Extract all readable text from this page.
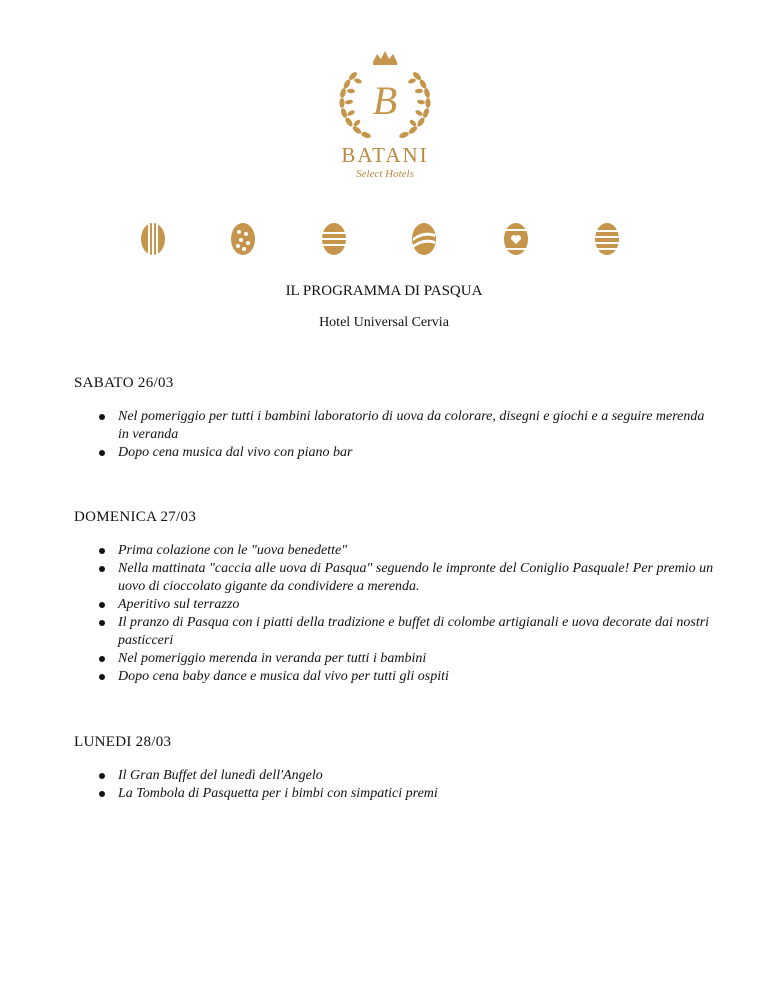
B
BATANI
Select Hotels
IL PROGRAMMA DI PASQUA
Hotel Universal Cervia

SABATO 26/03

Nel pomeriggio per tutti i bambini laboratorio di uova da colorare, disegni e giochi e a seguire merenda in veranda
Dopo cena musica dal vivo con piano bar

DOMENICA 27/03

Prima colazione con le "uova benedette"
Nella mattinata "caccia alle uova di Pasqua" seguendo le impronte del Coniglio Pasquale! Per premio un uovo di cioccolato gigante da condividere a merenda.
Aperitivo sul terrazzo
Il pranzo di Pasqua con i piatti della tradizione e buffet di colombe artigianali e uova decorate dai nostri pasticceri
Nel pomeriggio merenda in veranda per tutti i bambini
Dopo cena baby dance e musica dal vivo per tutti gli ospiti

LUNEDI 28/03

Il Gran Buffet del lunedì dell'Angelo
La Tombola di Pasquetta per i bimbi con simpatici premi
